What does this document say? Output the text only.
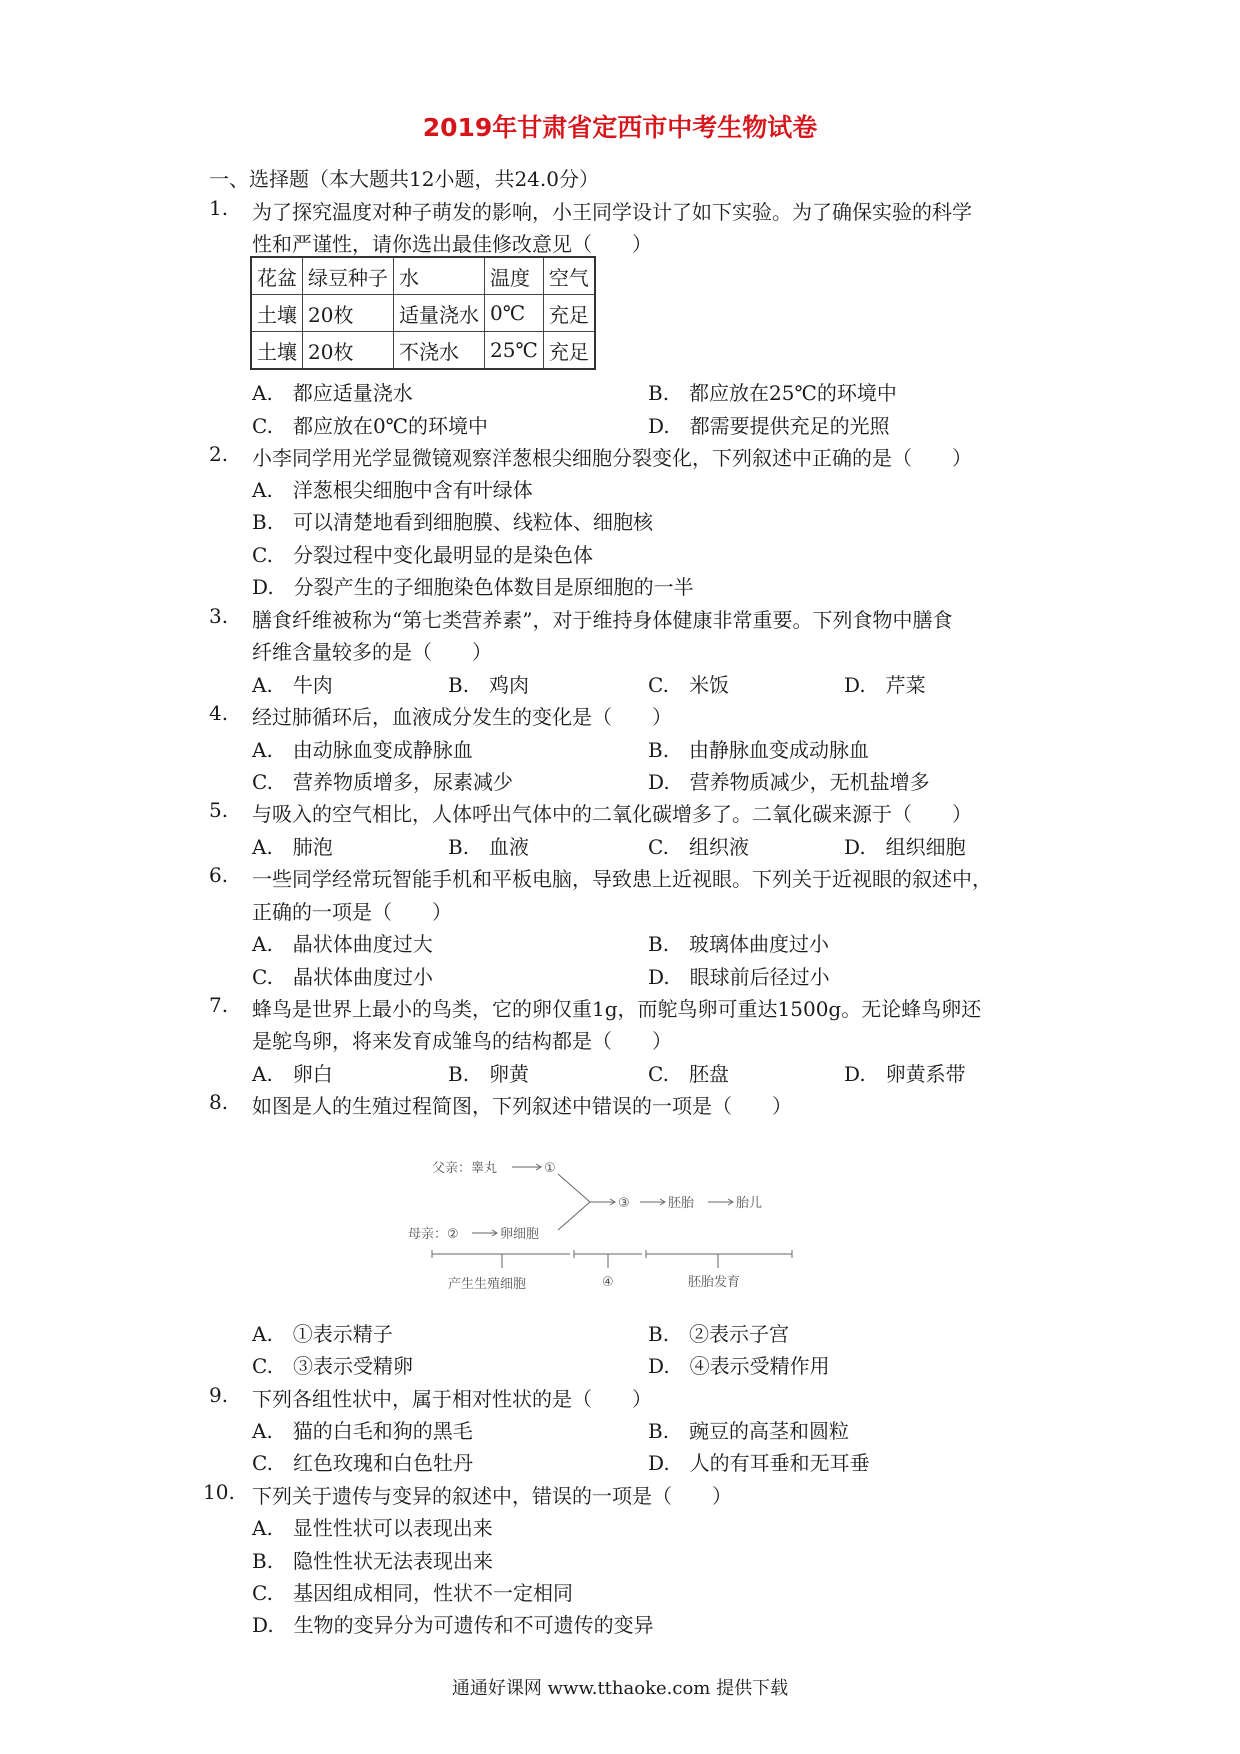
2019年甘肃省定西市中考生物试卷
一、选择题（本大题共12小题，共24.0分）
1. 为了探究温度对种子萌发的影响，小王同学设计了如下实验。为了确保实验的科学
性和严谨性，请你选出最佳修改意见（　　）
花盆	绿豆种子	水	温度	空气
土壤	20枚	适量浇水	0℃	充足
土壤	20枚	不浇水	25℃	充足
A.　都应适量浇水	B.　都应放在25℃的环境中
C.　都应放在0℃的环境中	D.　都需要提供充足的光照
2. 小李同学用光学显微镜观察洋葱根尖细胞分裂变化，下列叙述中正确的是（　　）
A.　洋葱根尖细胞中含有叶绿体
B.　可以清楚地看到细胞膜、线粒体、细胞核
C.　分裂过程中变化最明显的是染色体
D.　分裂产生的子细胞染色体数目是原细胞的一半
3. 膳食纤维被称为“第七类营养素”，对于维持身体健康非常重要。下列食物中膳食
纤维含量较多的是（　　）
A.　牛肉	B.　鸡肉	C.　米饭	D.　芹菜
4. 经过肺循环后，血液成分发生的变化是（　　）
A.　由动脉血变成静脉血	B.　由静脉血变成动脉血
C.　营养物质增多，尿素减少	D.　营养物质减少，无机盐增多
5. 与吸入的空气相比，人体呼出气体中的二氧化碳增多了。二氧化碳来源于（　　）
A.　肺泡	B.　血液	C.　组织液	D.　组织细胞
6. 一些同学经常玩智能手机和平板电脑，导致患上近视眼。下列关于近视眼的叙述中，
正确的一项是（　　）
A.　晶状体曲度过大	B.　玻璃体曲度过小
C.　晶状体曲度过小	D.　眼球前后径过小
7. 蜂鸟是世界上最小的鸟类，它的卵仅重1g，而鸵鸟卵可重达1500g。无论蜂鸟卵还
是鸵鸟卵，将来发育成雏鸟的结构都是（　　）
A.　卵白	B.　卵黄	C.　胚盘	D.　卵黄系带
8. 如图是人的生殖过程简图，下列叙述中错误的一项是（　　）
父亲：睾丸	①
③	胚胎	胎儿
母亲：②	卵细胞
产生生殖细胞	④	胚胎发育
A.　①表示精子	B.　②表示子宫
C.　③表示受精卵	D.　④表示受精作用
9. 下列各组性状中，属于相对性状的是（　　）
A.　猫的白毛和狗的黑毛	B.　豌豆的高茎和圆粒
C.　红色玫瑰和白色牡丹	D.　人的有耳垂和无耳垂
10. 下列关于遗传与变异的叙述中，错误的一项是（　　）
A.　显性性状可以表现出来
B.　隐性性状无法表现出来
C.　基因组成相同，性状不一定相同
D.　生物的变异分为可遗传和不可遗传的变异
通通好课网 www.tthaoke.com 提供下载
